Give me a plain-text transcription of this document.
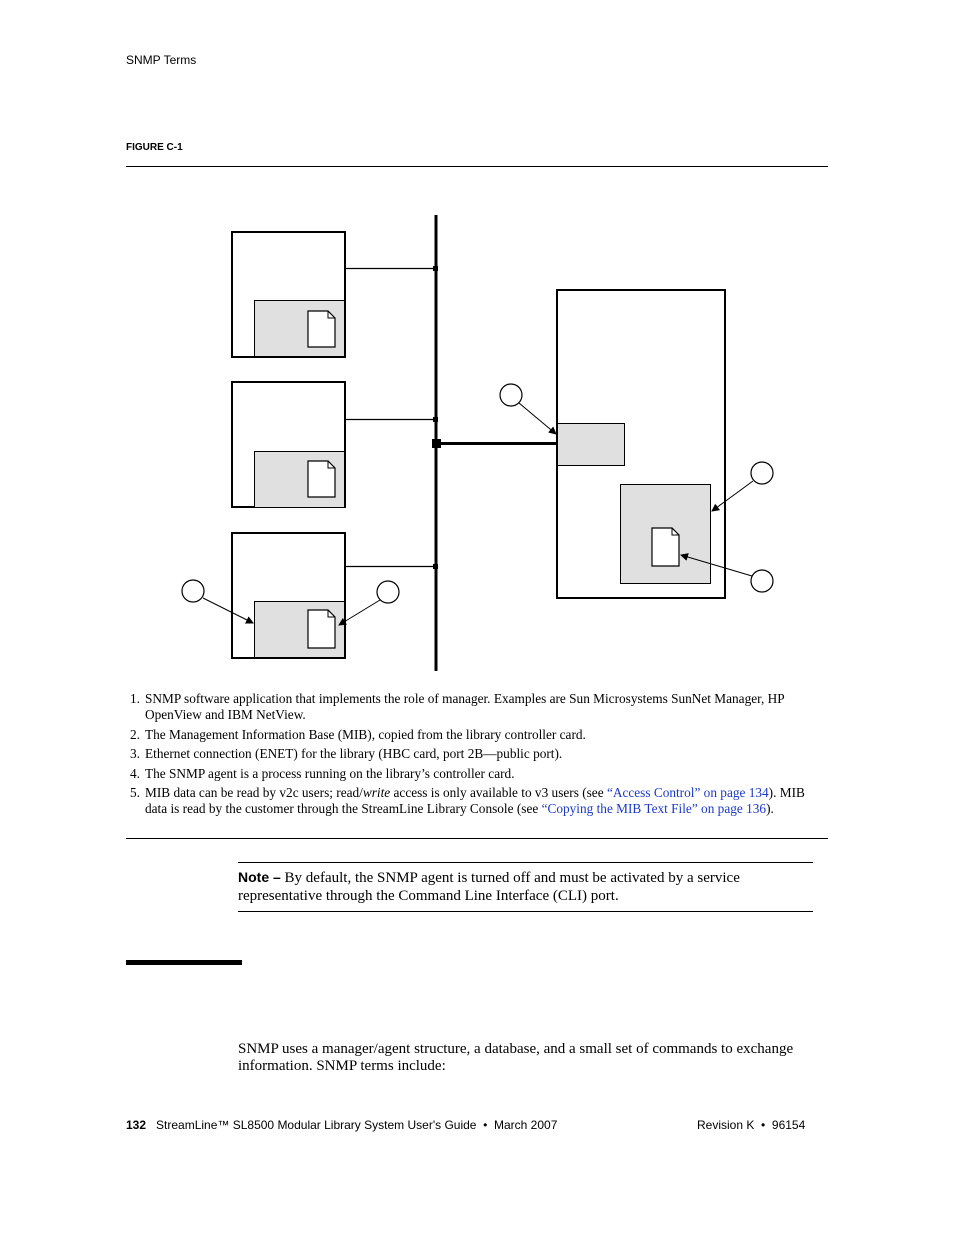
SNMP Terms
FIGURE C-1
1. SNMP software application that implements the role of manager. Examples are Sun Microsystems SunNet Manager, HP OpenView and IBM NetView.
2. The Management Information Base (MIB), copied from the library controller card.
3. Ethernet connection (ENET) for the library (HBC card, port 2B—public port).
4. The SNMP agent is a process running on the library’s controller card.
5. MIB data can be read by v2c users; read/write access is only available to v3 users (see “Access Control” on page 134). MIB data is read by the customer through the StreamLine Library Console (see “Copying the MIB Text File” on page 136).
Note – By default, the SNMP agent is turned off and must be activated by a service representative through the Command Line Interface (CLI) port.
SNMP uses a manager/agent structure, a database, and a small set of commands to exchange information. SNMP terms include:
132 StreamLine™ SL8500 Modular Library System User's Guide  •  March 2007	Revision K  •  96154
